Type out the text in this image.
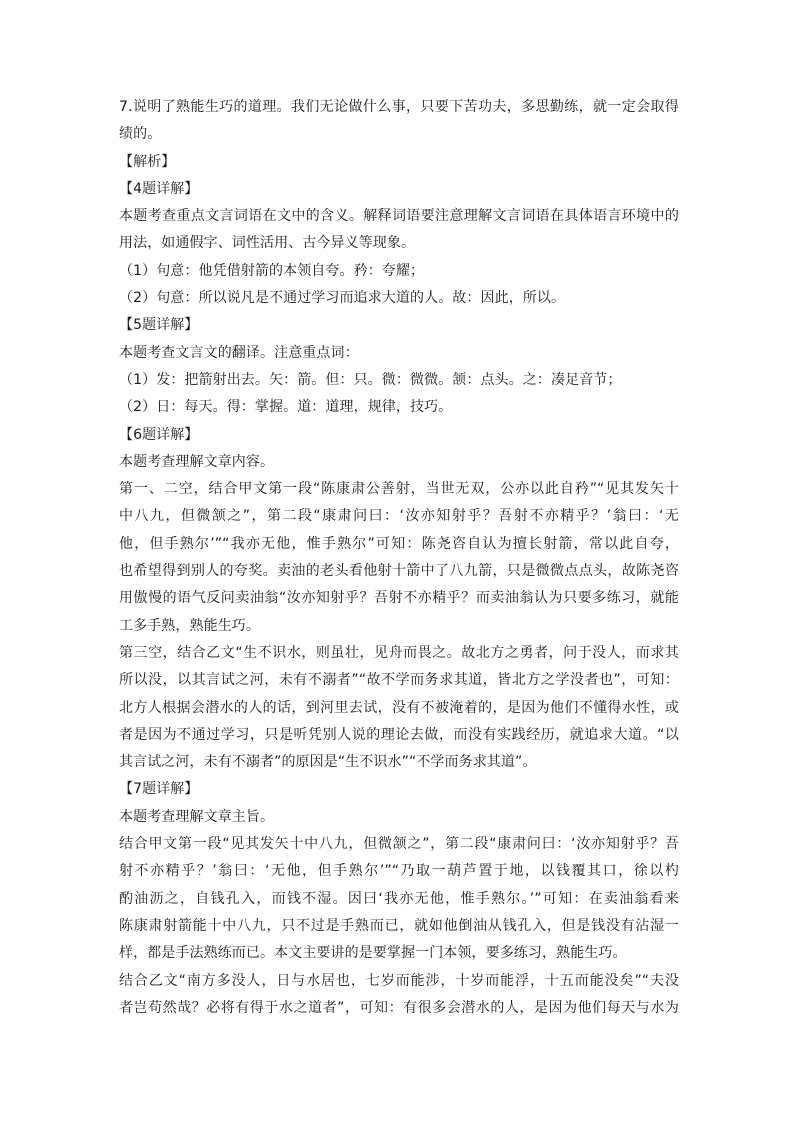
7.说明了熟能生巧的道理。我们无论做什么事，只要下苦功夫，多思勤练，就一定会取得
绩的。
【解析】
【4题详解】
本题考查重点文言词语在文中的含义。解释词语要注意理解文言词语在具体语言环境中的
用法，如通假字、词性活用、古今异义等现象。
（1）句意：他凭借射箭的本领自夸。矜：夸耀；
（2）句意：所以说凡是不通过学习而追求大道的人。故：因此，所以。
【5题详解】
本题考查文言文的翻译。注意重点词：
（1）发：把箭射出去。矢：箭。但：只。微：微微。颔：点头。之：凑足音节；
（2）日：每天。得：掌握。道：道理，规律，技巧。
【6题详解】
本题考查理解文章内容。
第一、二空，结合甲文第一段“陈康肃公善射，当世无双，公亦以此自矜”“见其发矢十
中八九，但微颔之”，第二段“康肃问曰：‘汝亦知射乎？吾射不亦精乎？’翁曰：‘无
他，但手熟尔’”“我亦无他，惟手熟尔”可知：陈尧咨自认为擅长射箭，常以此自夸，
也希望得到别人的夸奖。卖油的老头看他射十箭中了八九箭，只是微微点点头，故陈尧咨
用傲慢的语气反问卖油翁“汝亦知射乎？吾射不亦精乎？而卖油翁认为只要多练习，就能
工多手熟，熟能生巧。
第三空，结合乙文“生不识水，则虽壮，见舟而畏之。故北方之勇者，问于没人，而求其
所以没，以其言试之河，未有不溺者”“故不学而务求其道，皆北方之学没者也”，可知：
北方人根据会潜水的人的话，到河里去试，没有不被淹着的，是因为他们不懂得水性，或
者是因为不通过学习，只是听凭别人说的理论去做，而没有实践经历，就追求大道。“以
其言试之河，未有不溺者”的原因是“生不识水”“不学而务求其道”。
【7题详解】
本题考查理解文章主旨。
结合甲文第一段“见其发矢十中八九，但微颔之”，第二段“康肃问曰：‘汝亦知射乎？吾
射不亦精乎？’翁曰：‘无他，但手熟尔’”“乃取一葫芦置于地，以钱覆其口，徐以杓
酌油沥之，自钱孔入，而钱不湿。因曰‘我亦无他，惟手熟尔。’”可知：在卖油翁看来
陈康肃射箭能十中八九，只不过是手熟而已，就如他倒油从钱孔入，但是钱没有沾湿一
样，都是手法熟练而已。本文主要讲的是要掌握一门本领，要多练习，熟能生巧。
结合乙文“南方多没人，日与水居也，七岁而能涉，十岁而能浮，十五而能没矣”“夫没
者岂苟然哉？必将有得于水之道者”，可知：有很多会潜水的人，是因为他们每天与水为
